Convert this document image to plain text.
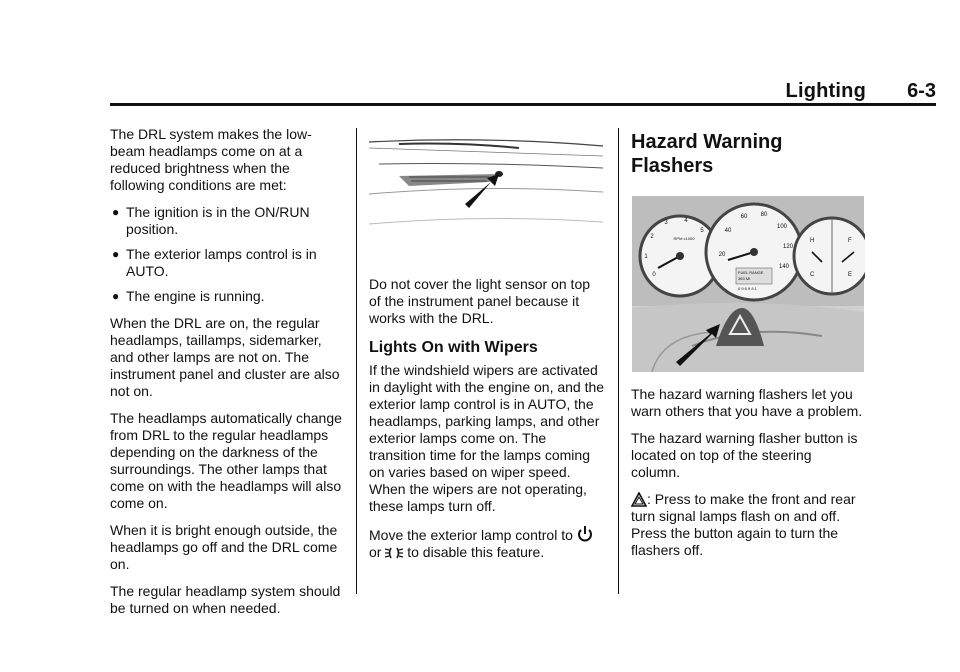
Lighting 6-3

The DRL system makes the low-beam headlamps come on at a reduced brightness when the following conditions are met:

● The ignition is in the ON/RUN position.
● The exterior lamps control is in AUTO.
● The engine is running.

When the DRL are on, the regular headlamps, taillamps, sidemarker, and other lamps are not on. The instrument panel and cluster are also not on.

The headlamps automatically change from DRL to the regular headlamps depending on the darkness of the surroundings. The other lamps that come on with the headlamps will also come on.

When it is bright enough outside, the headlamps go off and the DRL come on.

The regular headlamp system should be turned on when needed.

Do not cover the light sensor on top of the instrument panel because it works with the DRL.

Lights On with Wipers

If the windshield wipers are activated in daylight with the engine on, and the exterior lamp control is in AUTO, the headlamps, parking lamps, and other exterior lamps come on. The transition time for the lamps coming on varies based on wiper speed. When the wipers are not operating, these lamps turn off.

Move the exterior lamp control to
or to disable this feature.

Hazard Warning Flashers
0
1
2
3	4
5
RPM x1000
20
40
60 80
100
120
140
FUEL RANGE
363 MI
0 9 6 9 8 1
H
C
F
E

The hazard warning flashers let you warn others that you have a problem.

The hazard warning flasher button is located on top of the steering column.

: Press to make the front and rear turn signal lamps flash on and off. Press the button again to turn the flashers off.
